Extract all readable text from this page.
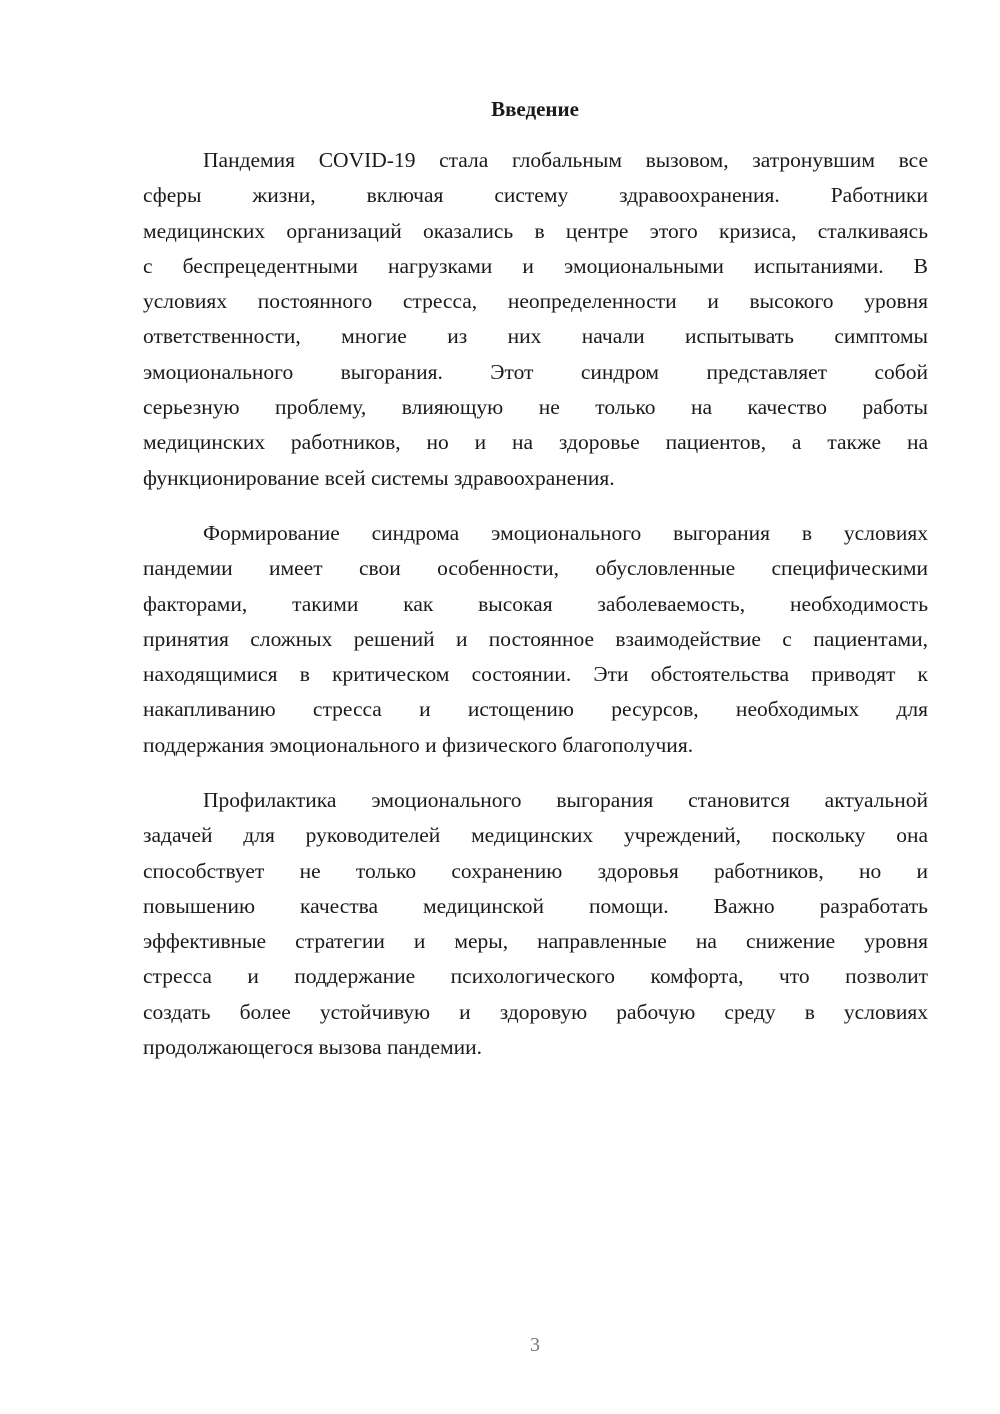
Введение
Пандемия COVID-19 стала глобальным вызовом, затронувшим все
сферы жизни, включая систему здравоохранения. Работники
медицинских организаций оказались в центре этого кризиса, сталкиваясь
с беспрецедентными нагрузками и эмоциональными испытаниями. В
условиях постоянного стресса, неопределенности и высокого уровня
ответственности, многие из них начали испытывать симптомы
эмоционального выгорания. Этот синдром представляет собой
серьезную проблему, влияющую не только на качество работы
медицинских работников, но и на здоровье пациентов, а также на
функционирование всей системы здравоохранения.
Формирование синдрома эмоционального выгорания в условиях
пандемии имеет свои особенности, обусловленные специфическими
факторами, такими как высокая заболеваемость, необходимость
принятия сложных решений и постоянное взаимодействие с пациентами,
находящимися в критическом состоянии. Эти обстоятельства приводят к
накапливанию стресса и истощению ресурсов, необходимых для
поддержания эмоционального и физического благополучия.
Профилактика эмоционального выгорания становится актуальной
задачей для руководителей медицинских учреждений, поскольку она
способствует не только сохранению здоровья работников, но и
повышению качества медицинской помощи. Важно разработать
эффективные стратегии и меры, направленные на снижение уровня
стресса и поддержание психологического комфорта, что позволит
создать более устойчивую и здоровую рабочую среду в условиях
продолжающегося вызова пандемии.
3
